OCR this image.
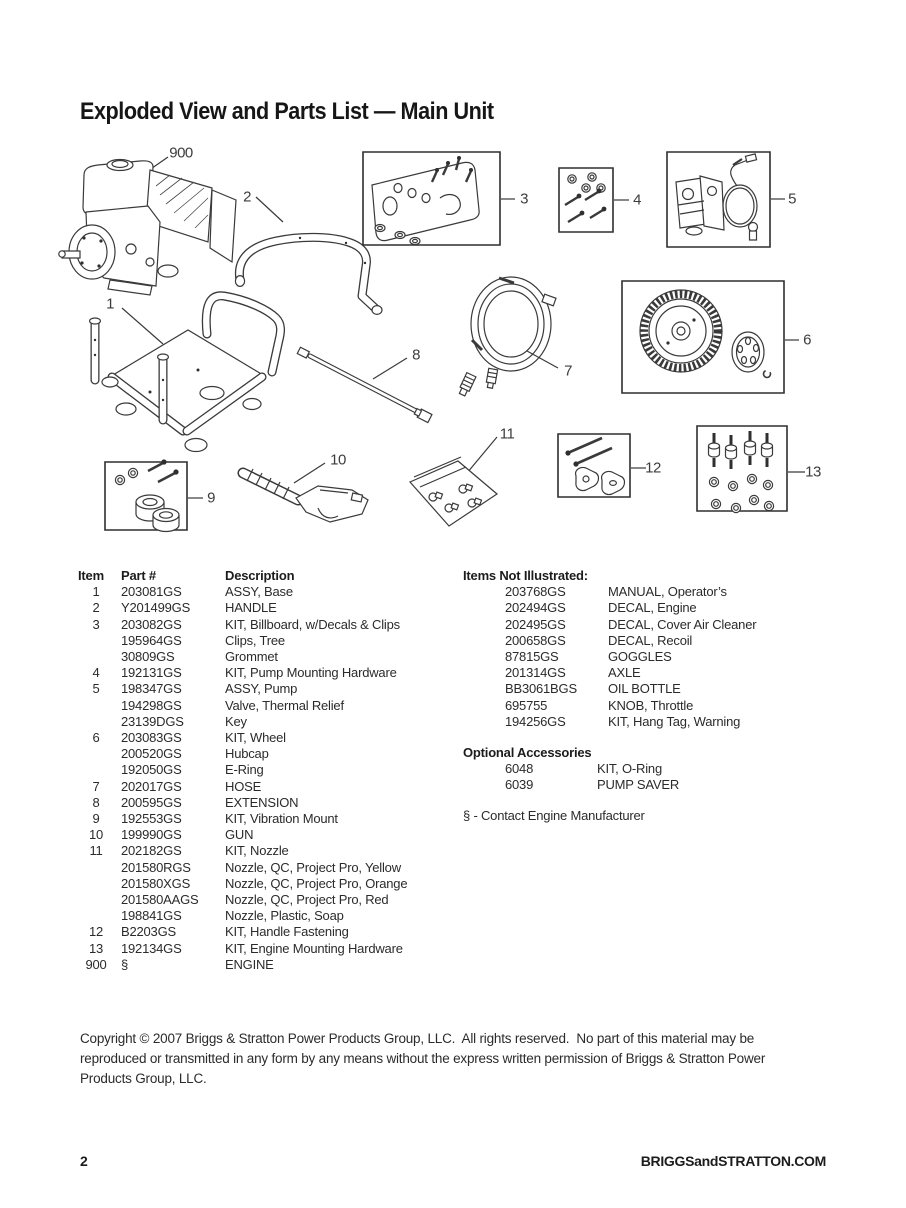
Exploded View and Parts List — Main Unit
900
1
2	3	4	5
6
7
8
9
10
11
12	13
Item	Part #	Description
1	203081GS	ASSY, Base
2	Y201499GS	HANDLE
3	203082GS	KIT, Billboard, w/Decals & Clips
195964GS	Clips, Tree
30809GS	Grommet
4	192131GS	KIT, Pump Mounting Hardware
5	198347GS	ASSY, Pump
194298GS	Valve, Thermal Relief
23139DGS	Key
6	203083GS	KIT, Wheel
200520GS	Hubcap
192050GS	E-Ring
7	202017GS	HOSE
8	200595GS	EXTENSION
9	192553GS	KIT, Vibration Mount
10	199990GS	GUN
11	202182GS	KIT, Nozzle
201580RGS	Nozzle, QC, Project Pro, Yellow
201580XGS	Nozzle, QC, Project Pro, Orange
201580AAGS	Nozzle, QC, Project Pro, Red
198841GS	Nozzle, Plastic, Soap
12	B2203GS	KIT, Handle Fastening
13	192134GS	KIT, Engine Mounting Hardware
900	§	ENGINE
Items Not Illustrated:
203768GS	MANUAL, Operator’s
202494GS	DECAL, Engine
202495GS	DECAL, Cover Air Cleaner
200658GS	DECAL, Recoil
87815GS	GOGGLES
201314GS	AXLE
BB3061BGS	OIL BOTTLE
695755	KNOB, Throttle
194256GS	KIT, Hang Tag, Warning
Optional Accessories
6048	KIT, O-Ring
6039	PUMP SAVER
§ - Contact Engine Manufacturer
Copyright © 2007 Briggs & Stratton Power Products Group, LLC.  All rights reserved.  No part of this material may be
reproduced or transmitted in any form by any means without the express written permission of Briggs & Stratton Power
Products Group, LLC.
2	BRIGGSandSTRATTON.COM
